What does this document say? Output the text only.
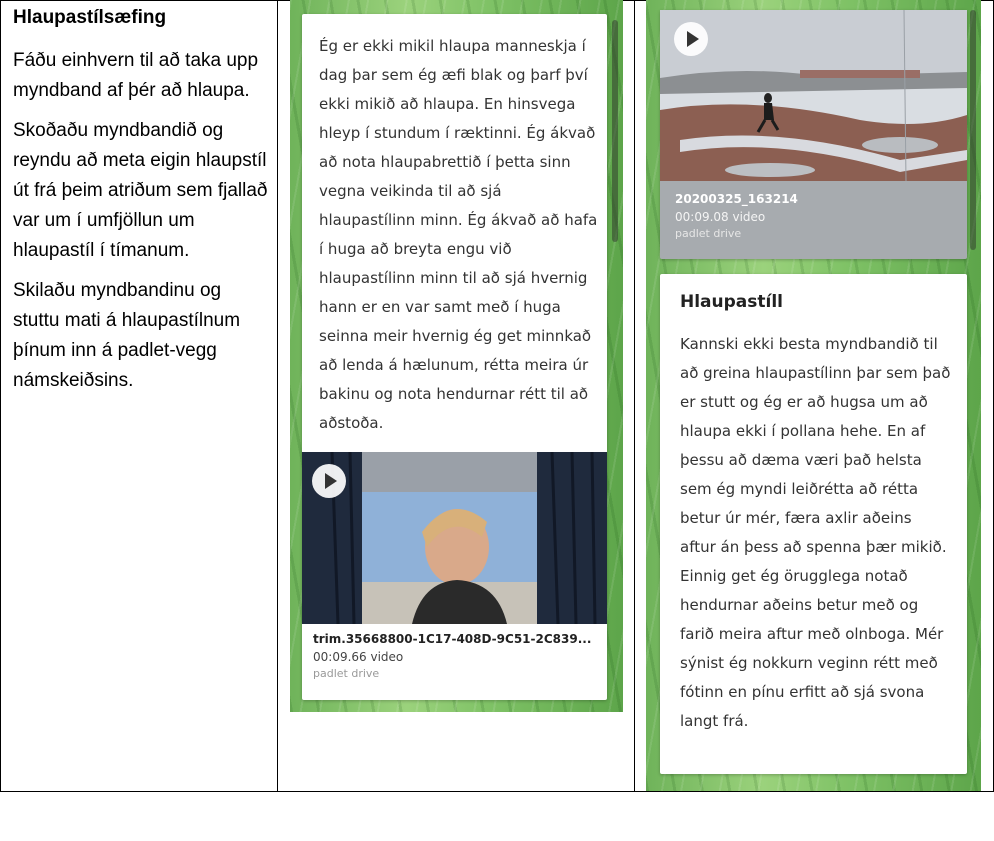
Hlaupastílsæfing

Fáðu einhvern til að taka upp myndband af þér að hlaupa.

Skoðaðu myndbandið og reyndu að meta eigin hlaupstíl út frá þeim atriðum sem fjallað var um í umfjöllun um hlaupastíl í tímanum.

Skilaðu myndbandinu og stuttu mati á hlaupastílnum þínum inn á padlet-vegg námskeiðsins.

Ég er ekki mikil hlaupa manneskja í dag þar sem ég æfi blak og þarf því ekki mikið að hlaupa. En hinsvega hleyp í stundum í ræktinni. Ég ákvað að nota hlaupabrettið í þetta sinn vegna veikinda til að sjá hlaupastílinn minn. Ég ákvað að hafa í huga að breyta engu við hlaupastílinn minn til að sjá hvernig hann er en var samt með í huga seinna meir hvernig ég get minnkað að lenda á hælunum, rétta meira úr bakinu og nota hendurnar rétt til að aðstoða.

trim.35668800-1C17-408D-9C51-2C839...
00:09.66 video
padlet drive
20200325_163214
00:09.08 video
padlet drive

Hlaupastíll

Kannski ekki besta myndbandið til að greina hlaupastílinn þar sem það er stutt og ég er að hugsa um að hlaupa ekki í pollana hehe. En af þessu að dæma væri það helsta sem ég myndi leiðrétta að rétta betur úr mér, færa axlir aðeins aftur án þess að spenna þær mikið. Einnig get ég örugglega notað hendurnar aðeins betur með og farið meira aftur með olnboga. Mér sýnist ég nokkurn veginn rétt með fótinn en pínu erfitt að sjá svona langt frá.
